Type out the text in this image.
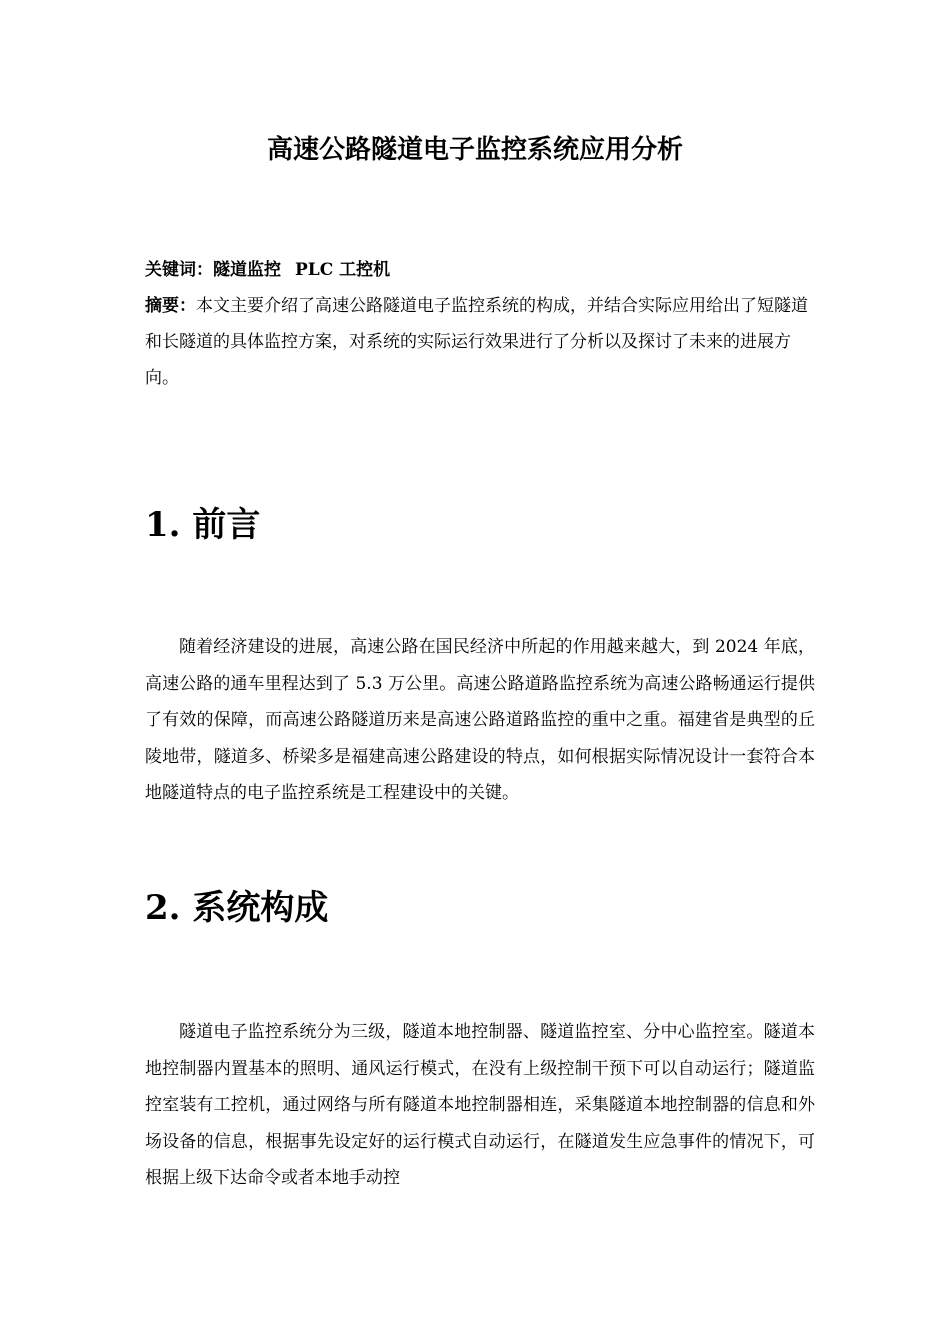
高速公路隧道电子监控系统应用分析

关键词：隧道监控 PLC 工控机

摘要：本文主要介绍了高速公路隧道电子监控系统的构成，并结合实际应用给出了短隧道和长隧道的具体监控方案，对系统的实际运行效果进行了分析以及探讨了未来的进展方向。

1. 前言

随着经济建设的进展，高速公路在国民经济中所起的作用越来越大，到 2024 年底，高速公路的通车里程达到了 5.3 万公里。高速公路道路监控系统为高速公路畅通运行提供了有效的保障，而高速公路隧道历来是高速公路道路监控的重中之重。福建省是典型的丘陵地带，隧道多、桥梁多是福建高速公路建设的特点，如何根据实际情况设计一套符合本地隧道特点的电子监控系统是工程建设中的关键。

2. 系统构成

隧道电子监控系统分为三级，隧道本地控制器、隧道监控室、分中心监控室。隧道本地控制器内置基本的照明、通风运行模式，在没有上级控制干预下可以自动运行；隧道监控室装有工控机，通过网络与所有隧道本地控制器相连，采集隧道本地控制器的信息和外场设备的信息，根据事先设定好的运行模式自动运行，在隧道发生应急事件的情况下，可根据上级下达命令或者本地手动控
